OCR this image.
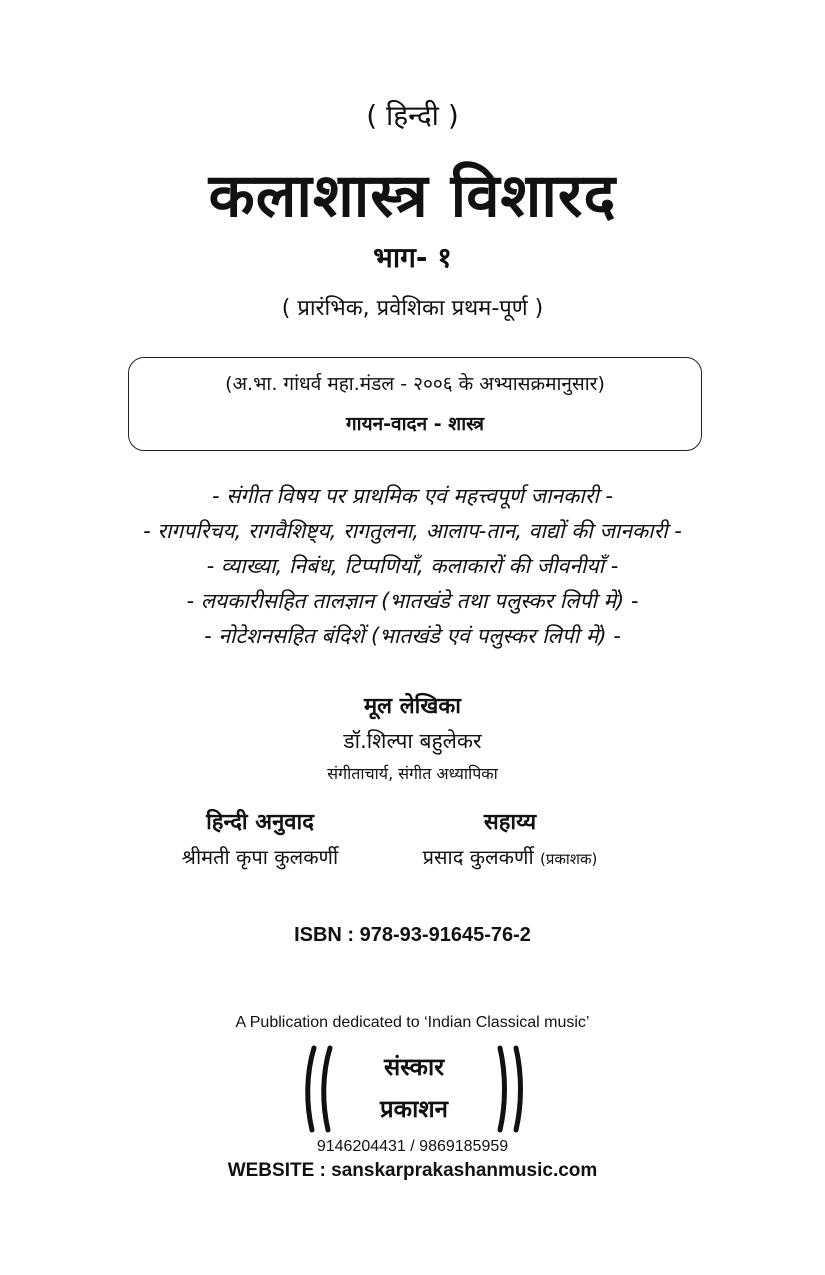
( हिन्दी )
कलाशास्त्र विशारद
भाग- १
( प्रारंभिक, प्रवेशिका प्रथम-पूर्ण )
(अ.भा. गांधर्व महा.मंडल - २००६ के अभ्यासक्रमानुसार)
गायन-वादन - शास्त्र
- संगीत विषय पर प्राथमिक एवं महत्त्वपूर्ण जानकारी -
- रागपरिचय, रागवैशिष्ट्य, रागतुलना, आलाप-तान, वाद्यों की जानकारी -
- व्याख्या, निबंध, टिप्पणियाँ, कलाकारों की जीवनीयाँ -
- लयकारीसहित तालज्ञान (भातखंडे तथा पलुस्कर लिपी में) -
- नोटेशनसहित बंदिशें (भातखंडे एवं पलुस्कर लिपी में) -
मूल लेखिका
डॉ.शिल्पा बहुलेकर
संगीताचार्य, संगीत अध्यापिका
हिन्दी अनुवाद
श्रीमती कृपा कुलकर्णी
सहाय्य
प्रसाद कुलकर्णी (प्रकाशक)
ISBN : 978-93-91645-76-2
A Publication dedicated to ‘Indian Classical music’
संस्कार
प्रकाशन
9146204431 / 9869185959
WEBSITE : sanskarprakashanmusic.com
